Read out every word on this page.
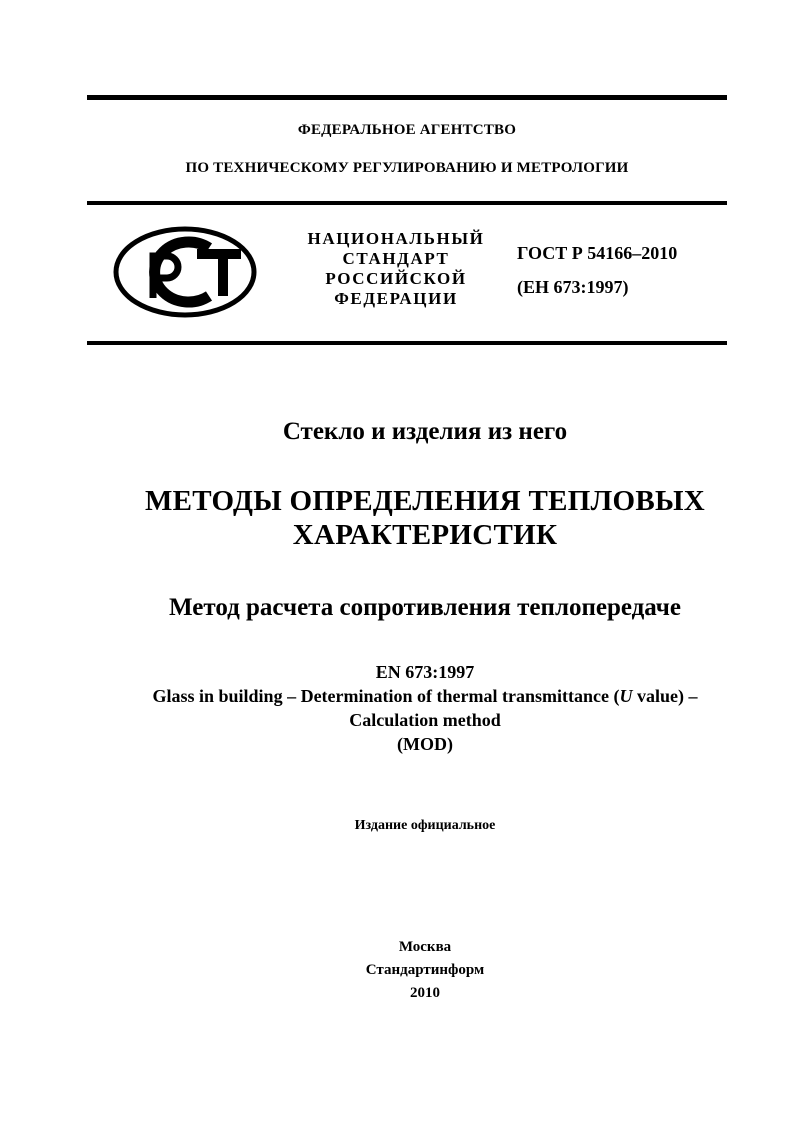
ФЕДЕРАЛЬНОЕ АГЕНТСТВО
ПО ТЕХНИЧЕСКОМУ РЕГУЛИРОВАНИЮ И МЕТРОЛОГИИ
НАЦИОНАЛЬНЫЙ
СТАНДАРТ
РОССИЙСКОЙ
ФЕДЕРАЦИИ
ГОСТ Р 54166–2010
(EH 673:1997)
Стекло и изделия из него
МЕТОДЫ ОПРЕДЕЛЕНИЯ ТЕПЛОВЫХ
ХАРАКТЕРИСТИК
Метод расчета сопротивления теплопередаче
EN 673:1997
Glass in building – Determination of thermal transmittance (U value) –
Calculation method
(MOD)
Издание официальное
Москва
Стандартинформ
2010
